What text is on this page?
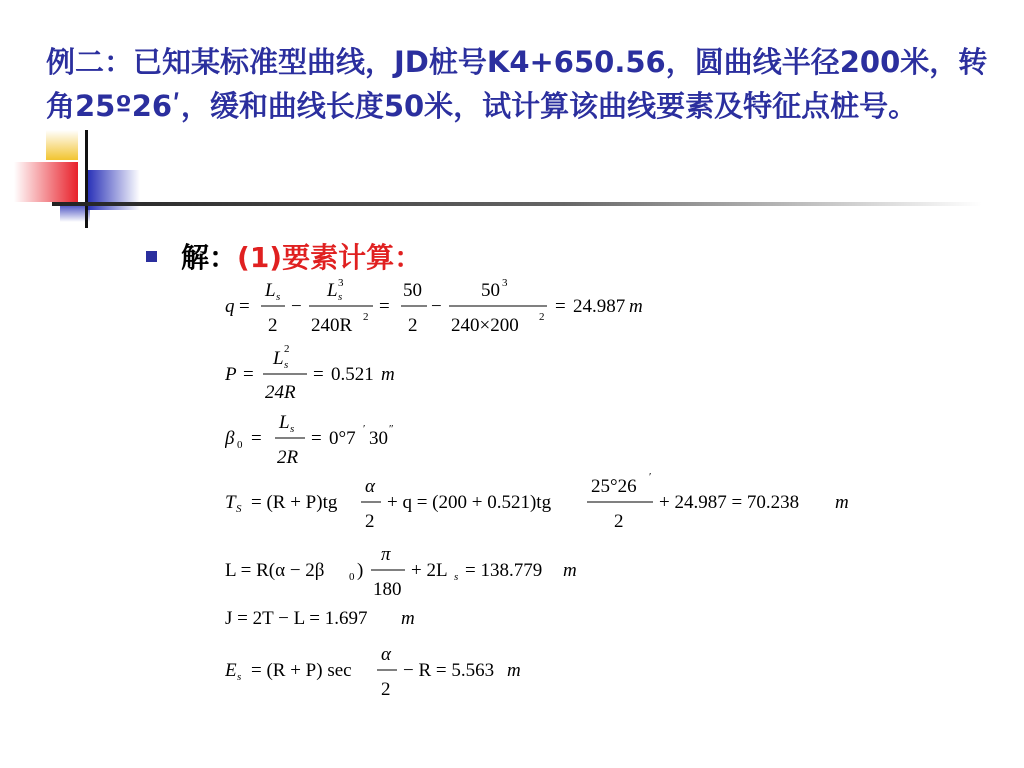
例二：已知某标准型曲线，JD桩号K4+650.56，圆曲线半径200米，转角25º26ʹ，缓和曲线长度50米，试计算该曲线要素及特征点桩号。
解： (1)要素计算：
q =
L s
2
−
L s
3
240R 2 =
50
2
−
50 3
240×200 2 = 24.987 m
P =
L s
2
24R
= 0.521 m
β 0 =
L s
2R
= 0°7 ʹ 30 ʺ
T S = (R + P)tg
α
2
+ q = (200 + 0.521)tg
25°26 ʹ
2
+ 24.987 = 70.238 m
L = R(α − 2β 0 )
π
180
+ 2L s = 138.779 m
J = 2T − L = 1.697 m
E s = (R + P) sec
α
2
− R = 5.563 m
